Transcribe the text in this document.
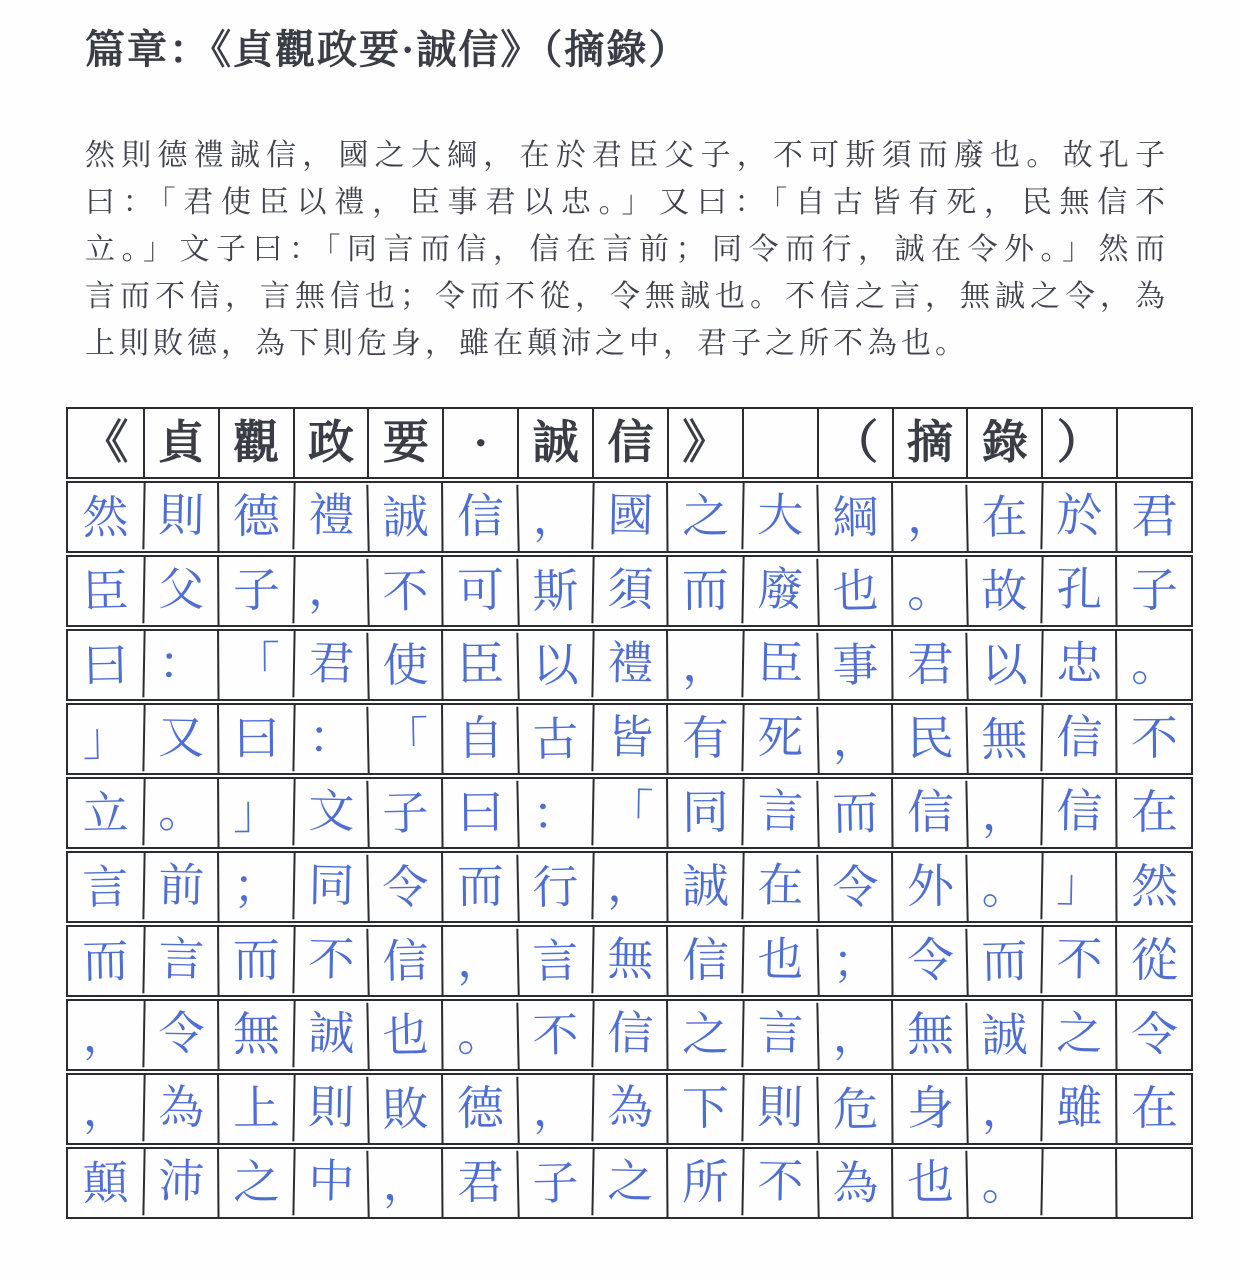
篇章：《貞觀政要·誠信》（摘錄）
然則德禮誠信，國之大綱，在於君臣父子，不可斯須而廢也。故孔子
曰：「君使臣以禮，臣事君以忠。」又曰：「自古皆有死，民無信不
立。」文子曰：「同言而信，信在言前；同令而行，誠在令外。」然而
言而不信，言無信也；令而不從，令無誠也。不信之言，無誠之令，為
上則敗德，為下則危身，雖在顛沛之中，君子之所不為也。
《 貞 觀 政 要 · 誠 信 》	（ 摘 錄 ）
然 則 德 禮 誠 信 ， 國 之 大 綱 ， 在 於 君
臣 父 子 ， 不 可 斯 須 而 廢 也 。 故 孔 子
曰 ： 「 君 使 臣 以 禮 ， 臣 事 君 以 忠 。
」 又 曰 ： 「 自 古 皆 有 死 ， 民 無 信 不
立 。 」 文 子 曰 ： 「 同 言 而 信 ， 信 在
言 前 ； 同 令 而 行 ， 誠 在 令 外 。 」 然
而 言 而 不 信 ， 言 無 信 也 ； 令 而 不 從
， 令 無 誠 也 。 不 信 之 言 ， 無 誠 之 令
， 為 上 則 敗 德 ， 為 下 則 危 身 ， 雖 在
顛 沛 之 中 ， 君 子 之 所 不 為 也 。
